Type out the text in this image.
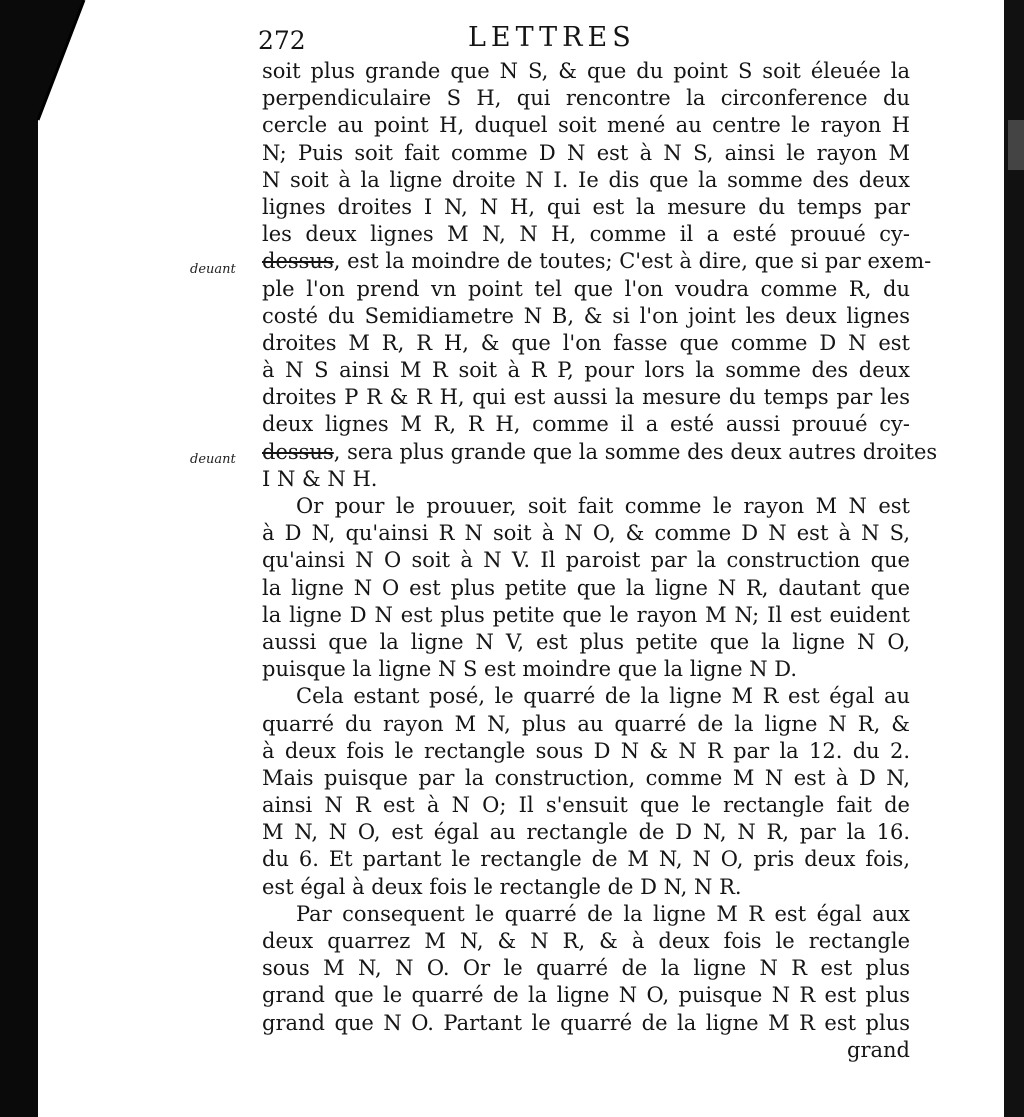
272	LETTRES
deuant
deuant
soit plus grande que N S, & que du point S soit éleuée la
perpendiculaire S H, qui rencontre la circonference du
cercle au point H, duquel soit mené au centre le rayon H
N; Puis soit fait comme D N est à N S, ainsi le rayon M
N soit à la ligne droite N I. Ie dis que la somme des deux
lignes droites I N, N H, qui est la mesure du temps par
les deux lignes M N, N H, comme il a esté prouué cy-
dessus, est la moindre de toutes; C'est à dire, que si par exem-
ple l'on prend vn point tel que l'on voudra comme R, du
costé du Semidiametre N B, & si l'on joint les deux lignes
droites M R, R H, & que l'on fasse que comme D N est
à N S ainsi M R soit à R P, pour lors la somme des deux
droites P R & R H, qui est aussi la mesure du temps par les
deux lignes M R, R H, comme il a esté aussi prouué cy-
dessus, sera plus grande que la somme des deux autres droites
I N & N H.
Or pour le prouuer, soit fait comme le rayon M N est
à D N, qu'ainsi R N soit à N O, & comme D N est à N S,
qu'ainsi N O soit à N V. Il paroist par la construction que
la ligne N O est plus petite que la ligne N R, dautant que
la ligne D N est plus petite que le rayon M N; Il est euident
aussi que la ligne N V, est plus petite que la ligne N O,
puisque la ligne N S est moindre que la ligne N D.
Cela estant posé, le quarré de la ligne M R est égal au
quarré du rayon M N, plus au quarré de la ligne N R, &
à deux fois le rectangle sous D N & N R par la 12. du 2.
Mais puisque par la construction, comme M N est à D N,
ainsi N R est à N O; Il s'ensuit que le rectangle fait de
M N, N O, est égal au rectangle de D N, N R, par la 16.
du 6. Et partant le rectangle de M N, N O, pris deux fois,
est égal à deux fois le rectangle de D N, N R.
Par consequent le quarré de la ligne M R est égal aux
deux quarrez M N, & N R, & à deux fois le rectangle
sous M N, N O. Or le quarré de la ligne N R est plus
grand que le quarré de la ligne N O, puisque N R est plus
grand que N O. Partant le quarré de la ligne M R est plus
grand
